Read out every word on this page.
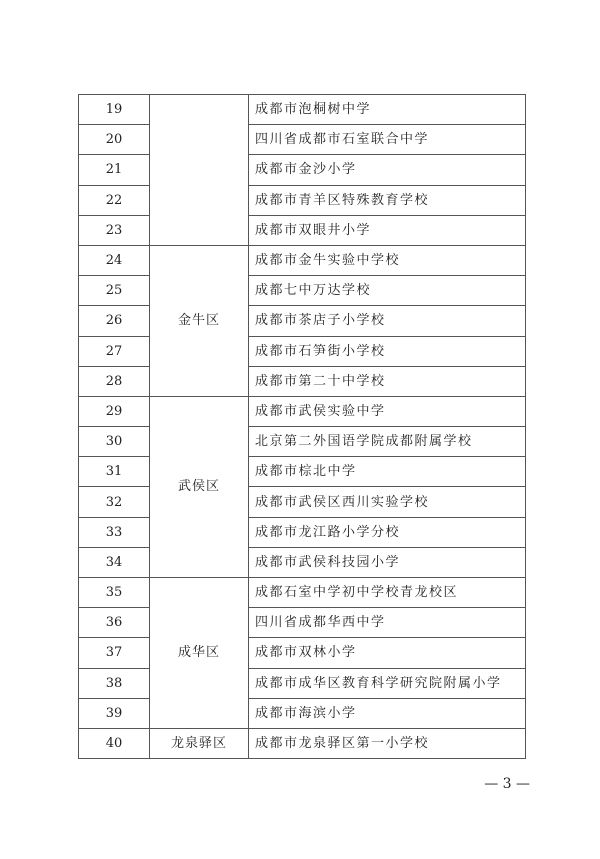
19		成都市泡桐树中学
20		四川省成都市石室联合中学
21		成都市金沙小学
22		成都市青羊区特殊教育学校
23		成都市双眼井小学
24	金牛区	成都市金牛实验中学校
25		成都七中万达学校
26		成都市茶店子小学校
27		成都市石笋街小学校
28		成都市第二十中学校
29	武侯区	成都市武侯实验中学
30		北京第二外国语学院成都附属学校
31		成都市棕北中学
32		成都市武侯区西川实验学校
33		成都市龙江路小学分校
34		成都市武侯科技园小学
35	成华区	成都石室中学初中学校青龙校区
36		四川省成都华西中学
37		成都市双林小学
38		成都市成华区教育科学研究院附属小学
39		成都市海滨小学
40	龙泉驿区	成都市龙泉驿区第一小学校
— 3 —
